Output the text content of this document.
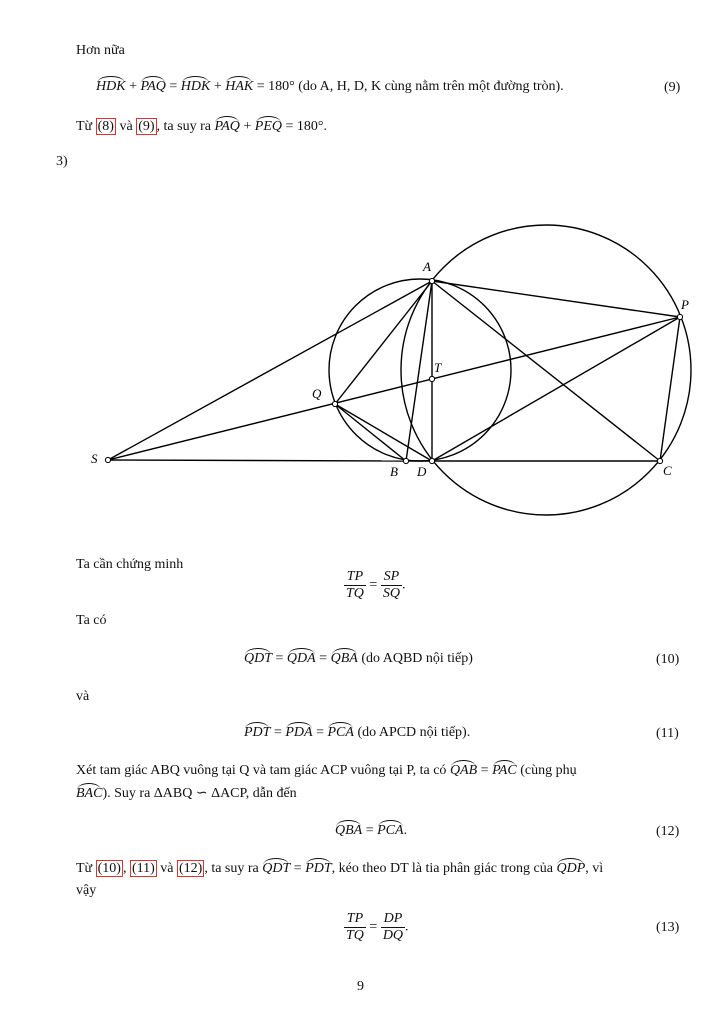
Hơn nữa
HDK + PAQ = HDK + HAK = 180° (do A, H, D, K cùng nằm trên một đường tròn).	(9)
Từ (8) và (9) , ta suy ra PAQ + PEQ = 180°.
3)
A
P
T
Q
S
B D	C
Ta cần chứng minh
$\frac{TP}{TQ} = \frac{SP}{SQ}$ .
Ta có
QDT = QDA = QBA (do AQBD nội tiếp)	(10)
và
PDT = PDA = PCA (do APCD nội tiếp).	(11)
Xét tam giác ABQ vuông tại Q và tam giác ACP vuông tại P, ta có QAB = PAC (cùng phụ
BAC). Suy ra ΔABQ ∽ ΔACP, dẫn đến
QBA = PCA.	(12)
Từ (10) , (11) và (12) , ta suy ra QDT = PDT, kéo theo DT là tia phân giác trong của QDP, vì
vậy
$\frac{TP}{TQ} = \frac{DP}{DQ}$ .	(13)
9
